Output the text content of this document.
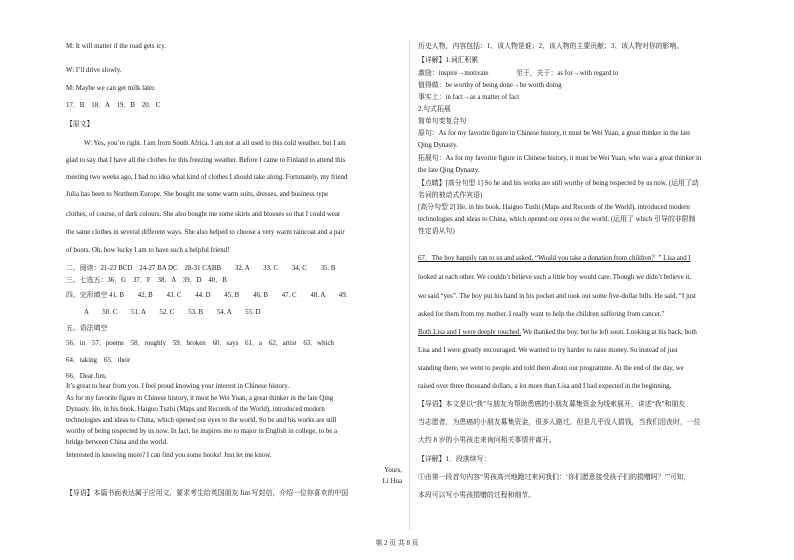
M: It will matter if the road gets icy.
W: I’ll drive slowly.
M: Maybe we can get milk later.
17．B　18．A　19．B　20．C
【原文】
W: Yes, you’re right. I am from South Africa. I am not at all used to this cold weather, but I am
glad to say that I have all the clothes for this freezing weather. Before I came to Finland to attend this
meeting two weeks ago, I had no idea what kind of clothes I should take along. Fortunately, my friend
Julia has been to Northern Europe. She bought me some warm suits, dresses, and business type
clothes, of course, of dark colours. She also bought me some skirts and blouses so that I could wear
the same clothes in several different ways. She also helped to choose a very warm raincoat and a pair
of boots. Oh, how lucky I am to have such a helpful friend!
二、阅读：21-23 BCD　24-27 BA DC　28-31 CABB　　32. A　　33. C　　34. C　　35. B
三、七选五：36．G　37．F　38．A　39．D　40．B
四、完形填空 41. B　　42. B　　43. C　　44. D　　45. B　　46. B　　47. C　　48. A　　49.
A　　50. C　　51. A　　52. C　　53. B　　54. A　　55. D
五、语法填空
56．in　57．poems　58．roughly　59．broken　60．says　61．a　62．artist　63．which
64．taking　65．their
66．Dear Jim,
It’s great to hear from you. I feel proud knowing your interest in Chinese history.
As for my favorite figure in Chinese history, it must be Wei Yuan, a great thinker in the late Qing
Dynasty. He, in his book, Haiguo Tuzhi (Maps and Records of the World), introduced modern
technologies and ideas to China, which opened our eyes to the world. So he and his works are still
worthy of being respected by us now. In fact, he inspires me to major in English in college, to be a
bridge between China and the world.
Interested in knowing more? I can find you some books! Just let me know.
Yours,
Li Hua
【导语】本篇书面表达属于应用文，要求考生给英国朋友 Jim 写封信，介绍一位你喜欢的中国
历史人物，内容包括：1、该人物是谁；2、该人物的主要贡献；3、该人物对你的影响。
【详解】1.词汇积累
激励：inspire→motivate　　　　至于，关于：as for→with regard to
值得做：be worthy of being done→be worth doing
事实上：in fact→as a matter of fact
2.句式拓展
简单句变复合句
原句：As for my favorite figure in Chinese history, it must be Wei Yuan, a great thinker in the late
Qing Dynasty.
拓展句：As for my favorite figure in Chinese history, it must be Wei Yuan, who was a great thinker in
the late Qing Dynasty.
【点睛】[高分句型 1] So he and his works are still worthy of being respected by us now. (运用了动
名词的被动式作宾语)
[高分句型 2] He, in his book, Haiguo Tuzhi (Maps and Records of the World), introduced modern
technologies and ideas to China, which opened our eyes to the world. (运用了 which 引导的非限制
性定语从句)
67．The boy happily ran to us and asked, “Would you take a donation from children？” Lisa and I
looked at each other. We couldn’t believe such a little boy would care. Though we didn’t believe it,
we said “yes”. The boy put his hand in his pocket and took out some five-dollar bills. He said, “I just
asked for them from my mother. I really want to help the children suffering from cancer.”
Both Lisa and I were deeply touched. We thanked the boy, but he left soon. Looking at his back, both
Lisa and I were greatly encouraged. We wanted to try harder to raise money. So instead of just
standing there, we went to people and told them about our programme. At the end of the day, we
raised over three thousand dollars, a lot more than Lisa and I had expected in the beginning.
【导语】本文是以“我”与朋友为帮助患癌的小朋友募集资金为线索展开，讲述“我”和朋友
当志愿者，为患癌的小朋友募集资金，很多人路过，但是几乎没人捐钱，当我们泪丧时，一位
大约 8 岁的小男孩走来询问相关事情并离开。
【详解】1．段落续写：
①由第一段首句内容“男孩高兴地跑过来问我们：‘你们愿意接受孩子们的捐赠吗？’”可知，
本段可以写小男孩捐赠的过程和细节。
第 2 页 共 8 页
